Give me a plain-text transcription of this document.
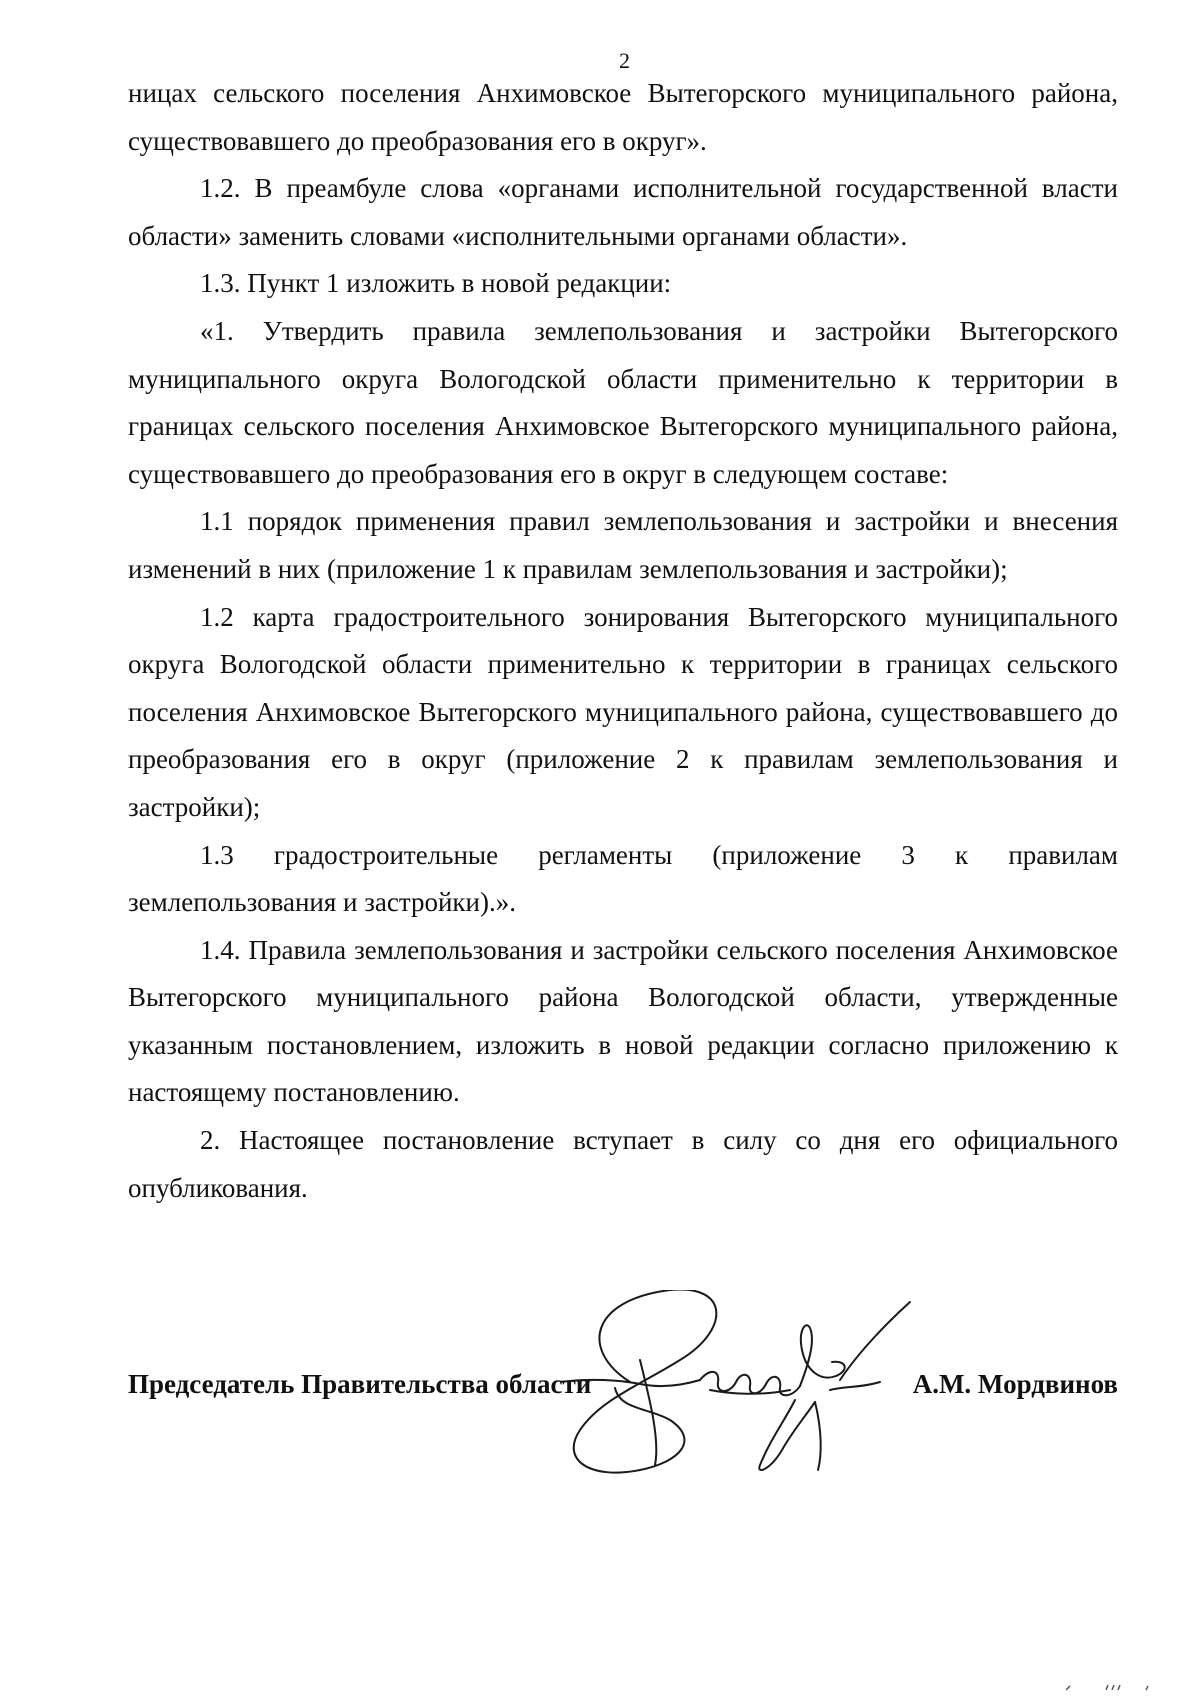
2

ницах сельского поселения Анхимовское Вытегорского муниципального района, существовавшего до преобразования его в округ».

1.2. В преамбуле слова «органами исполнительной государственной власти области» заменить словами «исполнительными органами области».

1.3. Пункт 1 изложить в новой редакции:

«1. Утвердить правила землепользования и застройки Вытегорского муниципального округа Вологодской области применительно к территории в границах сельского поселения Анхимовское Вытегорского муниципального района, существовавшего до преобразования его в округ в следующем составе:

1.1 порядок применения правил землепользования и застройки и внесения изменений в них (приложение 1 к правилам землепользования и застройки);

1.2 карта градостроительного зонирования Вытегорского муниципального округа Вологодской области применительно к территории в границах сельского поселения Анхимовское Вытегорского муниципального района, существовавшего до преобразования его в округ (приложение 2 к правилам землепользования и застройки);

1.3 градостроительные регламенты (приложение 3 к правилам землепользования и застройки).».

1.4. Правила землепользования и застройки сельского поселения Анхимовское Вытегорского муниципального района Вологодской области, утвержденные указанным постановлением, изложить в новой редакции согласно приложению к настоящему постановлению.

2. Настоящее постановление вступает в силу со дня его официального опубликования.

Председатель Правительства области	А.М. Мордвинов
